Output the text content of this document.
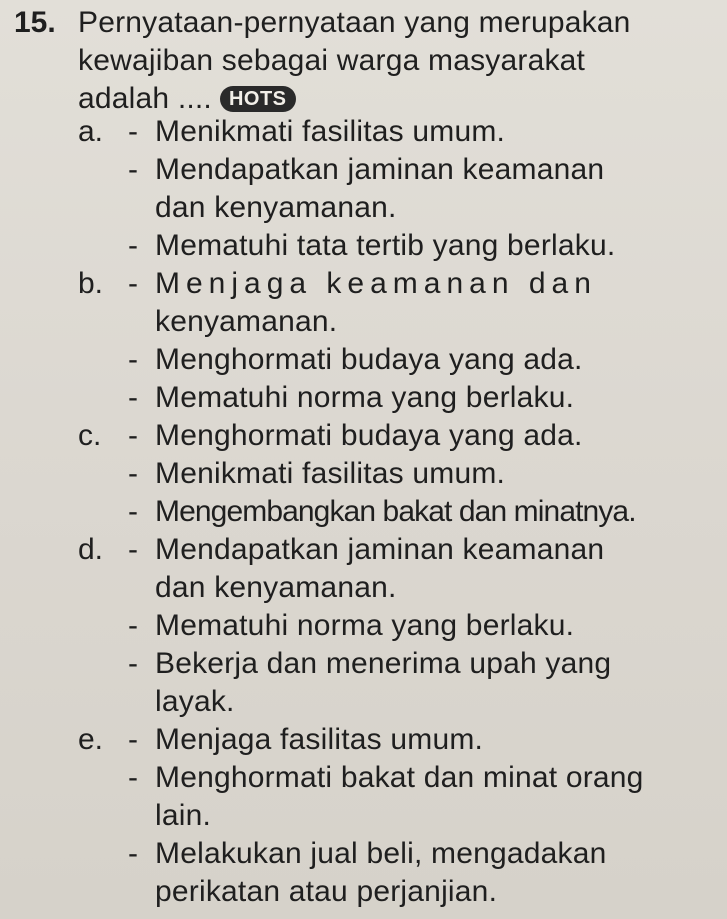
15. Pernyataan-pernyataan yang merupakan
kewajiban sebagai warga masyarakat
adalah .... HOTS
a. - Menikmati fasilitas umum.
- Mendapatkan jaminan keamanan
dan kenyamanan.
- Mematuhi tata tertib yang berlaku.
b. - Menjaga keamanan dan
kenyamanan.
- Menghormati budaya yang ada.
- Mematuhi norma yang berlaku.
c. - Menghormati budaya yang ada.
- Menikmati fasilitas umum.
- Mengembangkan bakat dan minatnya.
d. - Mendapatkan jaminan keamanan
dan kenyamanan.
- Mematuhi norma yang berlaku.
- Bekerja dan menerima upah yang
layak.
e. - Menjaga fasilitas umum.
- Menghormati bakat dan minat orang
lain.
- Melakukan jual beli, mengadakan
perikatan atau perjanjian.
